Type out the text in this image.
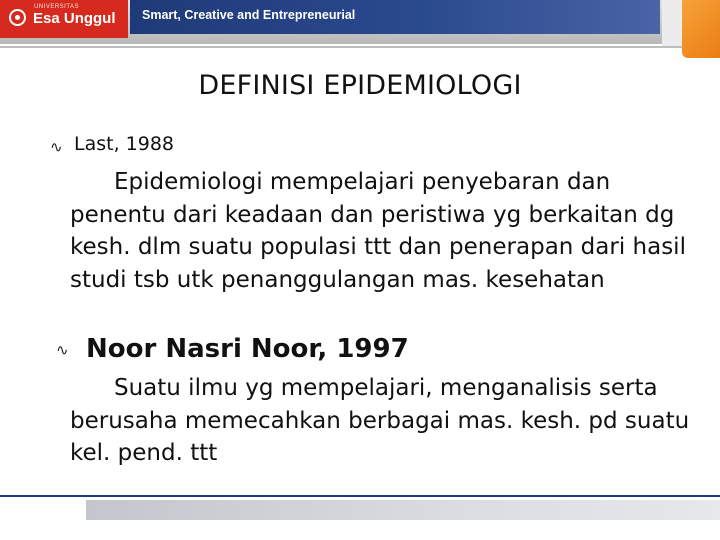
UNIVERSITAS
Esa Unggul Smart, Creative and Entrepreneurial
DEFINISI EPIDEMIOLOGI
∿ Last, 1988

Epidemiologi mempelajari penyebaran dan penentu dari keadaan dan peristiwa yg berkaitan dg kesh. dlm suatu populasi ttt dan penerapan dari hasil studi tsb utk penanggulangan mas. kesehatan

∿ Noor Nasri Noor, 1997

Suatu ilmu yg mempelajari, menganalisis serta berusaha memecahkan berbagai mas. kesh. pd suatu kel. pend. ttt
